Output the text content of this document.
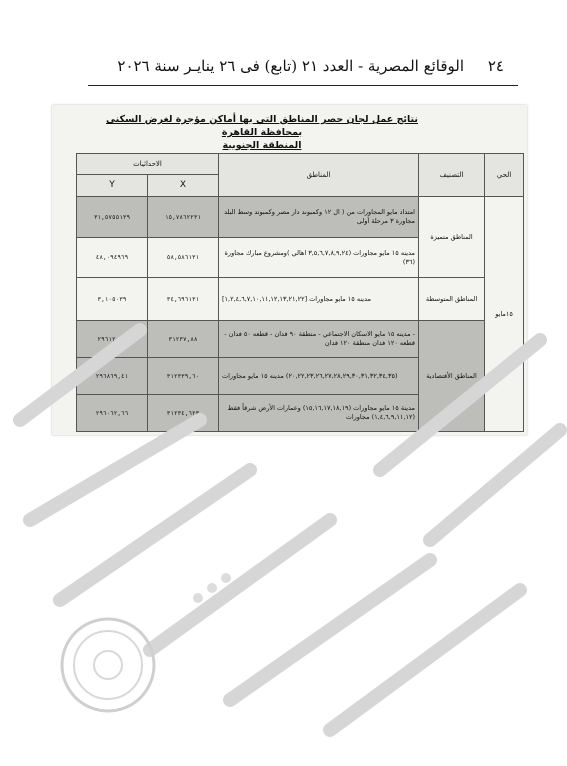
٢٤
الوقائع المصرية - العدد ٢١ (تابع) فى ٢٦ ينايـر سنة ٢٠٢٦
نتائج عمل لجان حصر المناطق التي بها أماكن مؤجرة لغرض السكنى بمحافظة القاهرة
المنطقة الجنوبية
الحي
التصنيف
المناطق
الاحداثيات
X
Y
١٥مايو
المناطق متميزة
المناطق المتوسطة
المناطق الأقتصادية
امتداد مايو المجاورات من ( ال ١٢ وكمبوند دار مصر وكمبوند وسط البلد مجاورة ٣ مرحلة أولى
١٥,٧٨٦٢٢٣١
٣١,٥٧٥٥١٣٩
مدينه ١٥ مايو مجاورات (٣,٥,٦,٧,٨,٩,٢٤ اهالي )ومشروع مبارك مجاورة (٣٦)
٥٨,٥٨٦١٣١
٤٨,٠٩٤٩٦٩
مدينه ١٥ مايو مجاورات [١,٢,٤,٦,٧,١٠,١١,١٢,١٣,٢١,٢٢]
٣٤,٦٩٦١٣١
٣,١٠٥٠٣٩
- مدينه ١٥ مايو الاسكان الاجتماعي - منطقة ٩٠ فدان - قطعه ٥٠ فدان - قطعه ١٢٠ فدان منطقة ١٢٠ فدان
٣١٢٣٧,٨٨
٢٩٦١٢٠٤٢
(٢٠,٢٢,٢٣,٢٦,٢٧,٢٨,٢٩,٣٠,٣١,٣٢,٣٤,٣٥) مدينه ١٥ مايو مجاورات
٣١٢٣٣٩,٦٠
٢٩٦٨٦٩,٤١
مدينة ١٥ مايو مجاورات (١٥,١٦,١٧,١٨,١٩) وعمارات الأرض شرقاً فقط (١,٤,٦,٩,١١,١٢) مجاورات
٣١٢٣٤,٦٢٣
٢٩٦٠٦٢,٦٦
